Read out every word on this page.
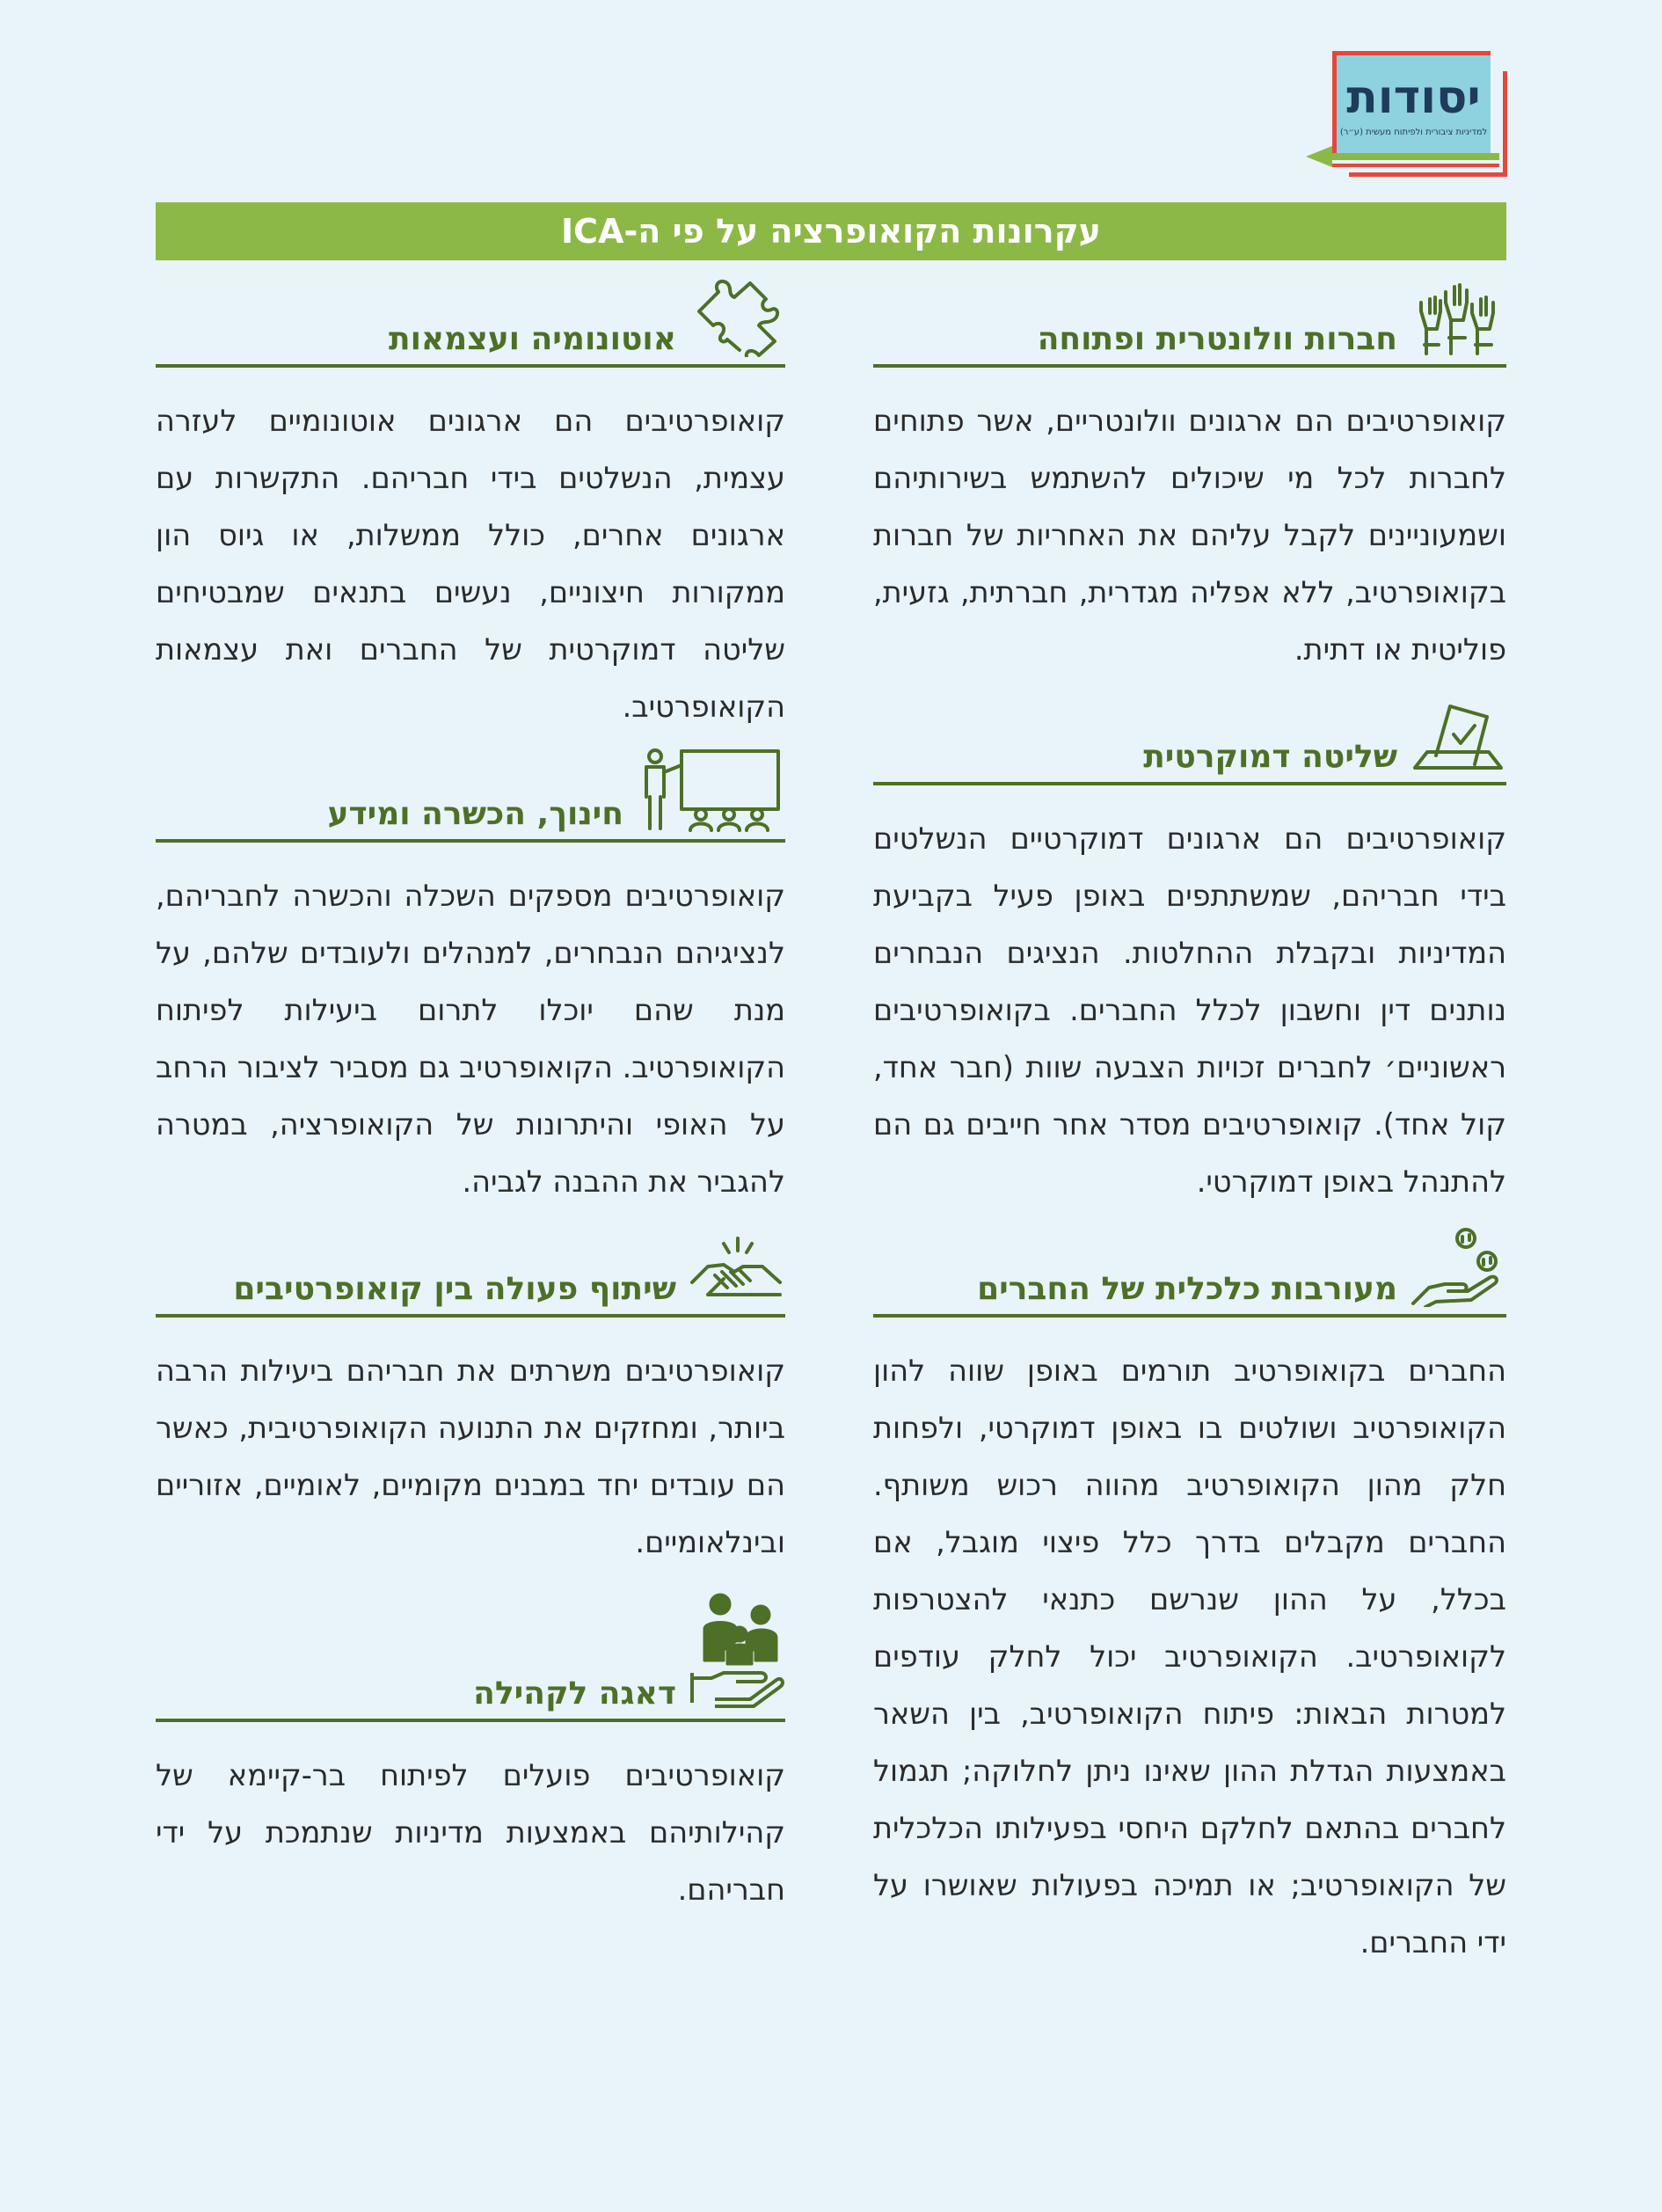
יסודות
למדיניות ציבורית ולפיתוח מעשית (ע״ר)
עקרונות הקואופרציה על פי ה-ICA
חברות וולונטרית ופתוחה
קואופרטיבים הם ארגונים וולונטריים, אשר פתוחים לחברות לכל מי שיכולים להשתמש בשירותיהם ושמעוניינים לקבל עליהם את האחריות של חברות בקואופרטיב, ללא אפליה מגדרית, חברתית, גזעית, פוליטית או דתית.
שליטה דמוקרטית
קואופרטיבים הם ארגונים דמוקרטיים הנשלטים בידי חבריהם, שמשתתפים באופן פעיל בקביעת המדיניות ובקבלת ההחלטות. הנציגים הנבחרים נותנים דין וחשבון לכלל החברים. בקואופרטיבים ראשוניים׳ לחברים זכויות הצבעה שוות (חבר אחד, קול אחד). קואופרטיבים מסדר אחר חייבים גם הם להתנהל באופן דמוקרטי.
מעורבות כלכלית של החברים
החברים בקואופרטיב תורמים באופן שווה להון הקואופרטיב ושולטים בו באופן דמוקרטי, ולפחות חלק מהון הקואופרטיב מהווה רכוש משותף. החברים מקבלים בדרך כלל פיצוי מוגבל, אם בכלל, על ההון שנרשם כתנאי להצטרפות לקואופרטיב. הקואופרטיב יכול לחלק עודפים למטרות הבאות: פיתוח הקואופרטיב, בין השאר באמצעות הגדלת ההון שאינו ניתן לחלוקה; תגמול לחברים בהתאם לחלקם היחסי בפעילותו הכלכלית של הקואופרטיב; או תמיכה בפעולות שאושרו על ידי החברים.
אוטונומיה ועצמאות
קואופרטיבים הם ארגונים אוטונומיים לעזרה עצמית, הנשלטים בידי חבריהם. התקשרות עם ארגונים אחרים, כולל ממשלות, או גיוס הון ממקורות חיצוניים, נעשים בתנאים שמבטיחים שליטה דמוקרטית של החברים ואת עצמאות הקואופרטיב.
חינוך, הכשרה ומידע
קואופרטיבים מספקים השכלה והכשרה לחבריהם, לנציגיהם הנבחרים, למנהלים ולעובדים שלהם, על מנת שהם יוכלו לתרום ביעילות לפיתוח הקואופרטיב. הקואופרטיב גם מסביר לציבור הרחב על האופי והיתרונות של הקואופרציה, במטרה להגביר את ההבנה לגביה.
שיתוף פעולה בין קואופרטיבים
קואופרטיבים משרתים את חבריהם ביעילות הרבה ביותר, ומחזקים את התנועה הקואופרטיבית, כאשר הם עובדים יחד במבנים מקומיים, לאומיים, אזוריים ובינלאומיים.
דאגה לקהילה
קואופרטיבים פועלים לפיתוח בר-קיימא של קהילותיהם באמצעות מדיניות שנתמכת על ידי חבריהם.
